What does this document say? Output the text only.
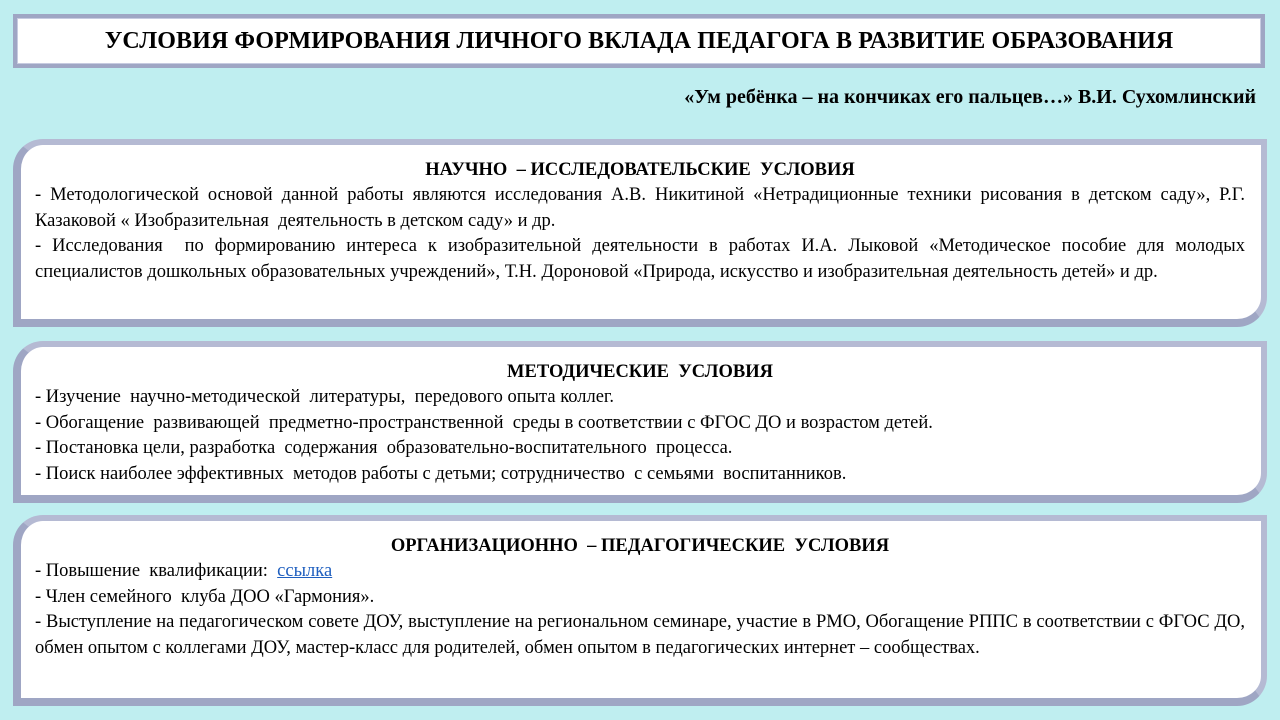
УСЛОВИЯ ФОРМИРОВАНИЯ ЛИЧНОГО ВКЛАДА ПЕДАГОГА В РАЗВИТИЕ ОБРАЗОВАНИЯ
«Ум ребёнка – на кончиках его пальцев…» В.И. Сухомлинский
НАУЧНО  – ИССЛЕДОВАТЕЛЬСКИЕ  УСЛОВИЯ
- Методологической основой данной работы являются исследования А.В. Никитиной «Нетрадиционные техники рисования в детском саду», Р.Г. Казаковой « Изобразительная  деятельность в детском саду» и др.
- Исследования  по формированию интереса к изобразительной деятельности в работах И.А. Лыковой «Методическое пособие для молодых специалистов дошкольных образовательных учреждений», Т.Н. Дороновой «Природа, искусство и изобразительная деятельность детей» и др.
МЕТОДИЧЕСКИЕ  УСЛОВИЯ
- Изучение  научно-методической  литературы,  передового опыта коллег.
- Обогащение  развивающей  предметно-пространственной  среды в соответствии с ФГОС ДО и возрастом детей.
- Постановка цели, разработка  содержания  образовательно-воспитательного  процесса.
- Поиск наиболее эффективных  методов работы с детьми; сотрудничество  с семьями  воспитанников.
ОРГАНИЗАЦИОННО  – ПЕДАГОГИЧЕСКИЕ  УСЛОВИЯ
- Повышение  квалификации:  ссылка
- Член семейного  клуба ДОО «Гармония».
- Выступление на педагогическом совете ДОУ, выступление на региональном семинаре, участие в РМО, Обогащение РППС в соответствии с ФГОС ДО, обмен опытом с коллегами ДОУ, мастер-класс для родителей, обмен опытом в педагогических интернет – сообществах.
